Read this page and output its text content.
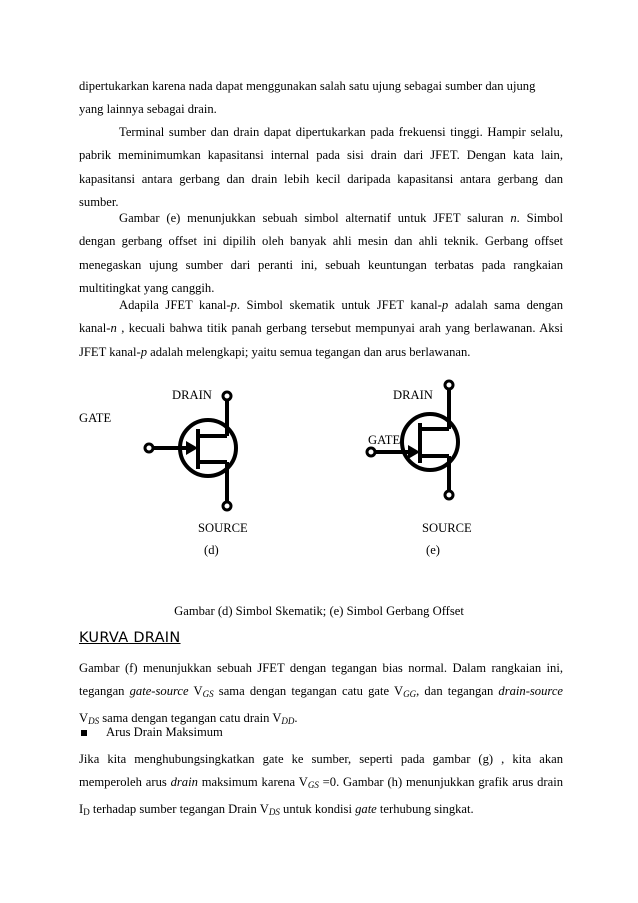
dipertukarkan karena nada dapat menggunakan salah satu ujung sebagai sumber dan ujung
yang lainnya sebagai drain.

Terminal sumber dan drain dapat dipertukarkan pada frekuensi tinggi. Hampir selalu, pabrik meminimumkan kapasitansi internal pada sisi drain dari JFET. Dengan kata lain, kapasitansi antara gerbang dan drain lebih kecil daripada kapasitansi antara gerbang dan sumber.

Gambar (e) menunjukkan sebuah simbol alternatif untuk JFET saluran n. Simbol dengan gerbang offset ini dipilih oleh banyak ahli mesin dan ahli teknik. Gerbang offset menegaskan ujung sumber dari peranti ini, sebuah keuntungan terbatas pada rangkaian multitingkat yang canggih.

Adapila JFET kanal-p. Simbol skematik untuk JFET kanal-p adalah sama dengan kanal-n , kecuali bahwa titik panah gerbang tersebut mempunyai arah yang berlawanan. Aksi JFET kanal-p adalah melengkapi; yaitu semua tegangan dan arus berlawanan.

DRAIN
GATE
SOURCE
(d)
DRAIN
GATE
SOURCE
(e)
Gambar (d) Simbol Skematik; (e) Simbol Gerbang Offset
KURVA DRAIN

Gambar (f) menunjukkan sebuah JFET dengan tegangan bias normal. Dalam rangkaian ini, tegangan gate-source $V_{GS}$ sama dengan tegangan catu gate $V_{GG}$, dan tegangan drain-source $V_{DS}$ sama dengan tegangan catu drain $V_{DD}$.

Arus Drain Maksimum

Jika kita menghubungsingkatkan gate ke sumber, seperti pada gambar (g) , kita akan memperoleh arus drain maksimum karena $V_{GS} =0$. Gambar (h) menunjukkan grafik arus drain $I_D$ terhadap sumber tegangan Drain $V_{DS}$ untuk kondisi gate terhubung singkat.
